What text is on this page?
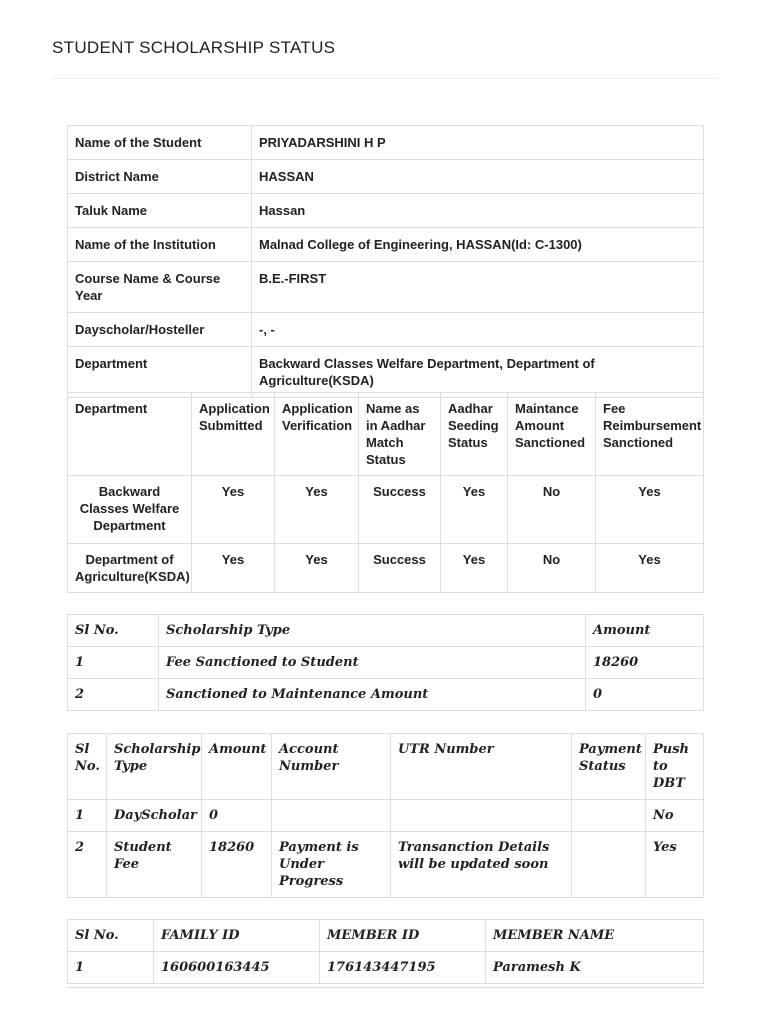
STUDENT SCHOLARSHIP STATUS
Name of the Student	PRIYADARSHINI H P
District Name	HASSAN
Taluk Name	Hassan
Name of the Institution	Malnad College of Engineering, HASSAN(Id: C-1300)
Course Name & Course Year	B.E.-FIRST
Dayscholar/Hosteller	-, -
Department	Backward Classes Welfare Department, Department of Agriculture(KSDA)
Department	Application Submitted	Application Verification	Name as in Aadhar Match Status	Aadhar Seeding Status	Maintance Amount Sanctioned	Fee Reimbursement Sanctioned
Backward Classes Welfare Department	Yes	Yes	Success	Yes	No	Yes
Department of Agriculture(KSDA)	Yes	Yes	Success	Yes	No	Yes
Sl No.	Scholarship Type	Amount
1	Fee Sanctioned to Student	18260
2	Sanctioned to Maintenance Amount	0
Sl No.	Scholarship Type	Amount	Account Number	UTR Number	Payment Status	Push to DBT
1	DayScholar	0				No
2	Student Fee	18260	Payment is Under Progress	Transanction Details will be updated soon		Yes
Sl No.	FAMILY ID	MEMBER ID	MEMBER NAME
1	160600163445	176143447195	Paramesh K
